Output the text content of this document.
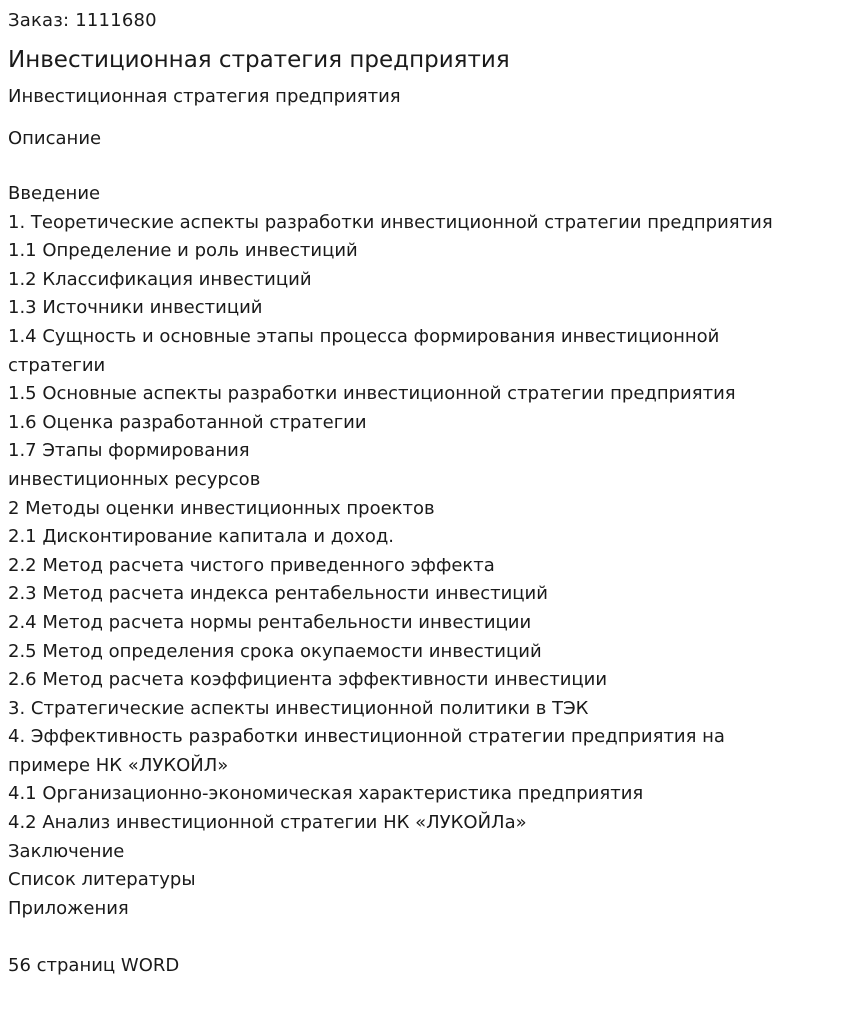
Заказ: 1111680

Инвестиционная стратегия предприятия

Инвестиционная стратегия предприятия

Описание

Введение
1. Теоретические аспекты разработки инвестиционной стратегии предприятия
1.1 Определение и роль инвестиций
1.2 Классификация инвестиций
1.3 Источники инвестиций
1.4 Сущность и основные этапы процесса формирования инвестиционной
стратегии
1.5 Основные аспекты разработки инвестиционной стратегии предприятия
1.6 Оценка разработанной стратегии
1.7 Этапы формирования
инвестиционных ресурсов
2 Методы оценки инвестиционных проектов
2.1 Дисконтирование капитала и доход.
2.2 Метод расчета чистого приведенного эффекта
2.3 Метод расчета индекса рентабельности инвестиций
2.4 Метод расчета нормы рентабельности инвестиции
2.5 Метод определения срока окупаемости инвестиций
2.6 Метод расчета коэффициента эффективности инвестиции
3. Стратегические аспекты инвестиционной политики в ТЭК
4. Эффективность разработки инвестиционной стратегии предприятия на
примере НК «ЛУКОЙЛ»
4.1 Организационно-экономическая характеристика предприятия
4.2 Анализ инвестиционной стратегии НК «ЛУКОЙЛа»
Заключение
Список литературы
Приложения

56 страниц WORD
